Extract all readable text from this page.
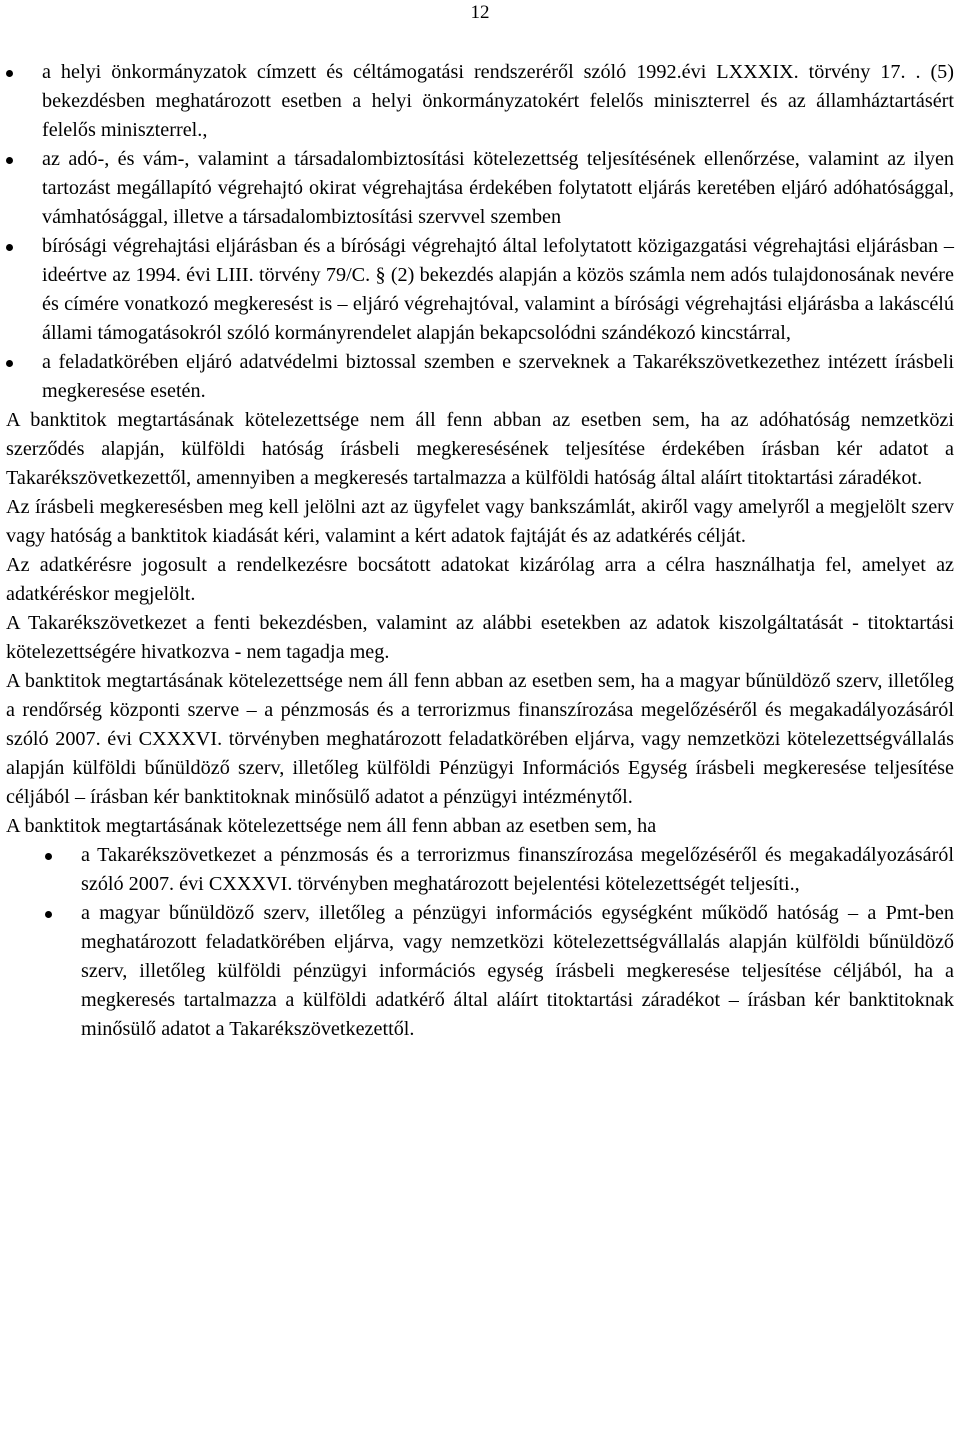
12
a helyi önkormányzatok címzett és céltámogatási rendszeréről szóló 1992.évi LXXXIX. törvény 17. . (5) bekezdésben meghatározott esetben a helyi önkormányzatokért felelős miniszterrel és az államháztartásért felelős miniszterrel.,
az adó-, és vám-, valamint a társadalombiztosítási kötelezettség teljesítésének ellenőrzése, valamint az ilyen tartozást megállapító végrehajtó okirat végrehajtása érdekében folytatott eljárás keretében eljáró adóhatósággal, vámhatósággal, illetve a társadalombiztosítási szervvel szemben
bírósági végrehajtási eljárásban és a bírósági végrehajtó által lefolytatott közigazgatási végrehajtási eljárásban – ideértve az 1994. évi LIII. törvény 79/C. § (2) bekezdés alapján a közös számla nem adós tulajdonosának nevére és címére vonatkozó megkeresést is – eljáró végrehajtóval, valamint a bírósági végrehajtási eljárásba a lakáscélú állami támogatásokról szóló kormányrendelet alapján bekapcsolódni szándékozó kincstárral,
a feladatkörében eljáró adatvédelmi biztossal szemben e szerveknek a Takarékszövetkezethez intézett írásbeli megkeresése esetén.

A banktitok megtartásának kötelezettsége nem áll fenn abban az esetben sem, ha az adóhatóság nemzetközi szerződés alapján, külföldi hatóság írásbeli megkeresésének teljesítése érdekében írásban kér adatot a Takarékszövetkezettől, amennyiben a megkeresés tartalmazza a külföldi hatóság által aláírt titoktartási záradékot.

Az írásbeli megkeresésben meg kell jelölni azt az ügyfelet vagy bankszámlát, akiről vagy amelyről a megjelölt szerv vagy hatóság a banktitok kiadását kéri, valamint a kért adatok fajtáját és az adatkérés célját.

Az adatkérésre jogosult a rendelkezésre bocsátott adatokat kizárólag arra a célra használhatja fel, amelyet az adatkéréskor megjelölt.

A Takarékszövetkezet a fenti bekezdésben, valamint az alábbi esetekben az adatok kiszolgáltatását - titoktartási kötelezettségére hivatkozva - nem tagadja meg.

A banktitok megtartásának kötelezettsége nem áll fenn abban az esetben sem, ha a magyar bűnüldöző szerv, illetőleg a rendőrség központi szerve – a pénzmosás és a terrorizmus finanszírozása megelőzéséről és megakadályozásáról szóló 2007. évi CXXXVI. törvényben meghatározott feladatkörében eljárva, vagy nemzetközi kötelezettségvállalás alapján külföldi bűnüldöző szerv, illetőleg külföldi Pénzügyi Információs Egység írásbeli megkeresése teljesítése céljából – írásban kér banktitoknak minősülő adatot a pénzügyi intézménytől.

A banktitok megtartásának kötelezettsége nem áll fenn abban az esetben sem, ha

a Takarékszövetkezet a pénzmosás és a terrorizmus finanszírozása megelőzéséről és megakadályozásáról szóló 2007. évi CXXXVI. törvényben meghatározott bejelentési kötelezettségét teljesíti.,
a magyar bűnüldöző szerv, illetőleg a pénzügyi információs egységként működő hatóság – a Pmt-ben meghatározott feladatkörében eljárva, vagy nemzetközi kötelezettségvállalás alapján külföldi bűnüldöző szerv, illetőleg külföldi pénzügyi információs egység írásbeli megkeresése teljesítése céljából, ha a megkeresés tartalmazza a külföldi adatkérő által aláírt titoktartási záradékot – írásban kér banktitoknak minősülő adatot a Takarékszövetkezettől.
